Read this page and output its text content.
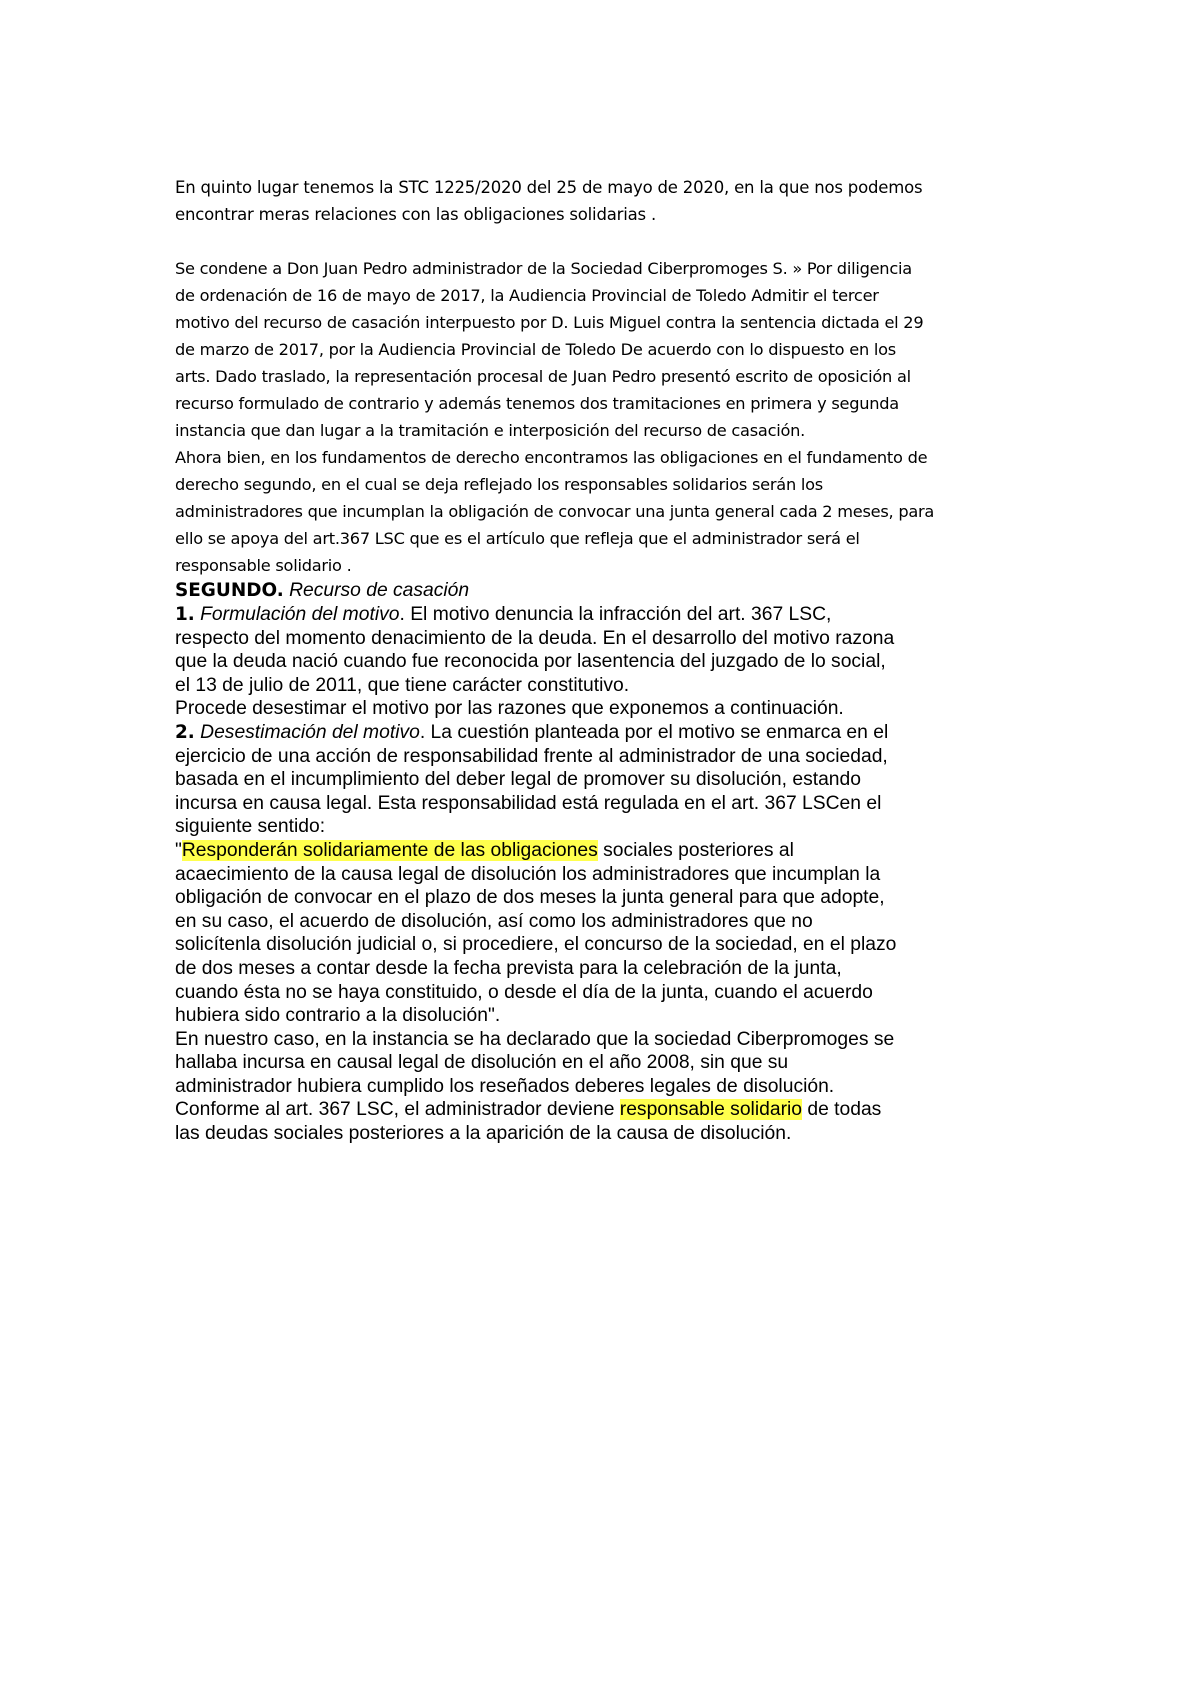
En quinto lugar tenemos la STC 1225/2020 del 25 de mayo de 2020, en la que nos podemos
encontrar meras relaciones con las obligaciones solidarias .

Se condene a Don Juan Pedro administrador de la Sociedad Ciberpromoges S. » Por diligencia
de ordenación de 16 de mayo de 2017, la Audiencia Provincial de Toledo Admitir el tercer
motivo del recurso de casación interpuesto por D. Luis Miguel contra la sentencia dictada el 29
de marzo de 2017, por la Audiencia Provincial de Toledo De acuerdo con lo dispuesto en los
arts. Dado traslado, la representación procesal de Juan Pedro presentó escrito de oposición al
recurso formulado de contrario y además tenemos dos tramitaciones en primera y segunda
instancia que dan lugar a la tramitación e interposición del recurso de casación.
Ahora bien, en los fundamentos de derecho encontramos las obligaciones en el fundamento de
derecho segundo, en el cual se deja reflejado los responsables solidarios serán los
administradores que incumplan la obligación de convocar una junta general cada 2 meses, para
ello se apoya del art.367 LSC que es el artículo que refleja que el administrador será el
responsable solidario .

SEGUNDO. Recurso de casación
1. Formulación del motivo. El motivo denuncia la infracción del art. 367 LSC,
respecto del momento denacimiento de la deuda. En el desarrollo del motivo razona
que la deuda nació cuando fue reconocida por lasentencia del juzgado de lo social,
el 13 de julio de 2011, que tiene carácter constitutivo.
Procede desestimar el motivo por las razones que exponemos a continuación.
2. Desestimación del motivo. La cuestión planteada por el motivo se enmarca en el
ejercicio de una acción de responsabilidad frente al administrador de una sociedad,
basada en el incumplimiento del deber legal de promover su disolución, estando
incursa en causa legal. Esta responsabilidad está regulada en el art. 367 LSCen el
siguiente sentido:
"Responderán solidariamente de las obligaciones sociales posteriores al
acaecimiento de la causa legal de disolución los administradores que incumplan la
obligación de convocar en el plazo de dos meses la junta general para que adopte,
en su caso, el acuerdo de disolución, así como los administradores que no
solicítenla disolución judicial o, si procediere, el concurso de la sociedad, en el plazo
de dos meses a contar desde la fecha prevista para la celebración de la junta,
cuando ésta no se haya constituido, o desde el día de la junta, cuando el acuerdo
hubiera sido contrario a la disolución".
En nuestro caso, en la instancia se ha declarado que la sociedad Ciberpromoges se
hallaba incursa en causal legal de disolución en el año 2008, sin que su
administrador hubiera cumplido los reseñados deberes legales de disolución.
Conforme al art. 367 LSC, el administrador deviene responsable solidario de todas
las deudas sociales posteriores a la aparición de la causa de disolución.
